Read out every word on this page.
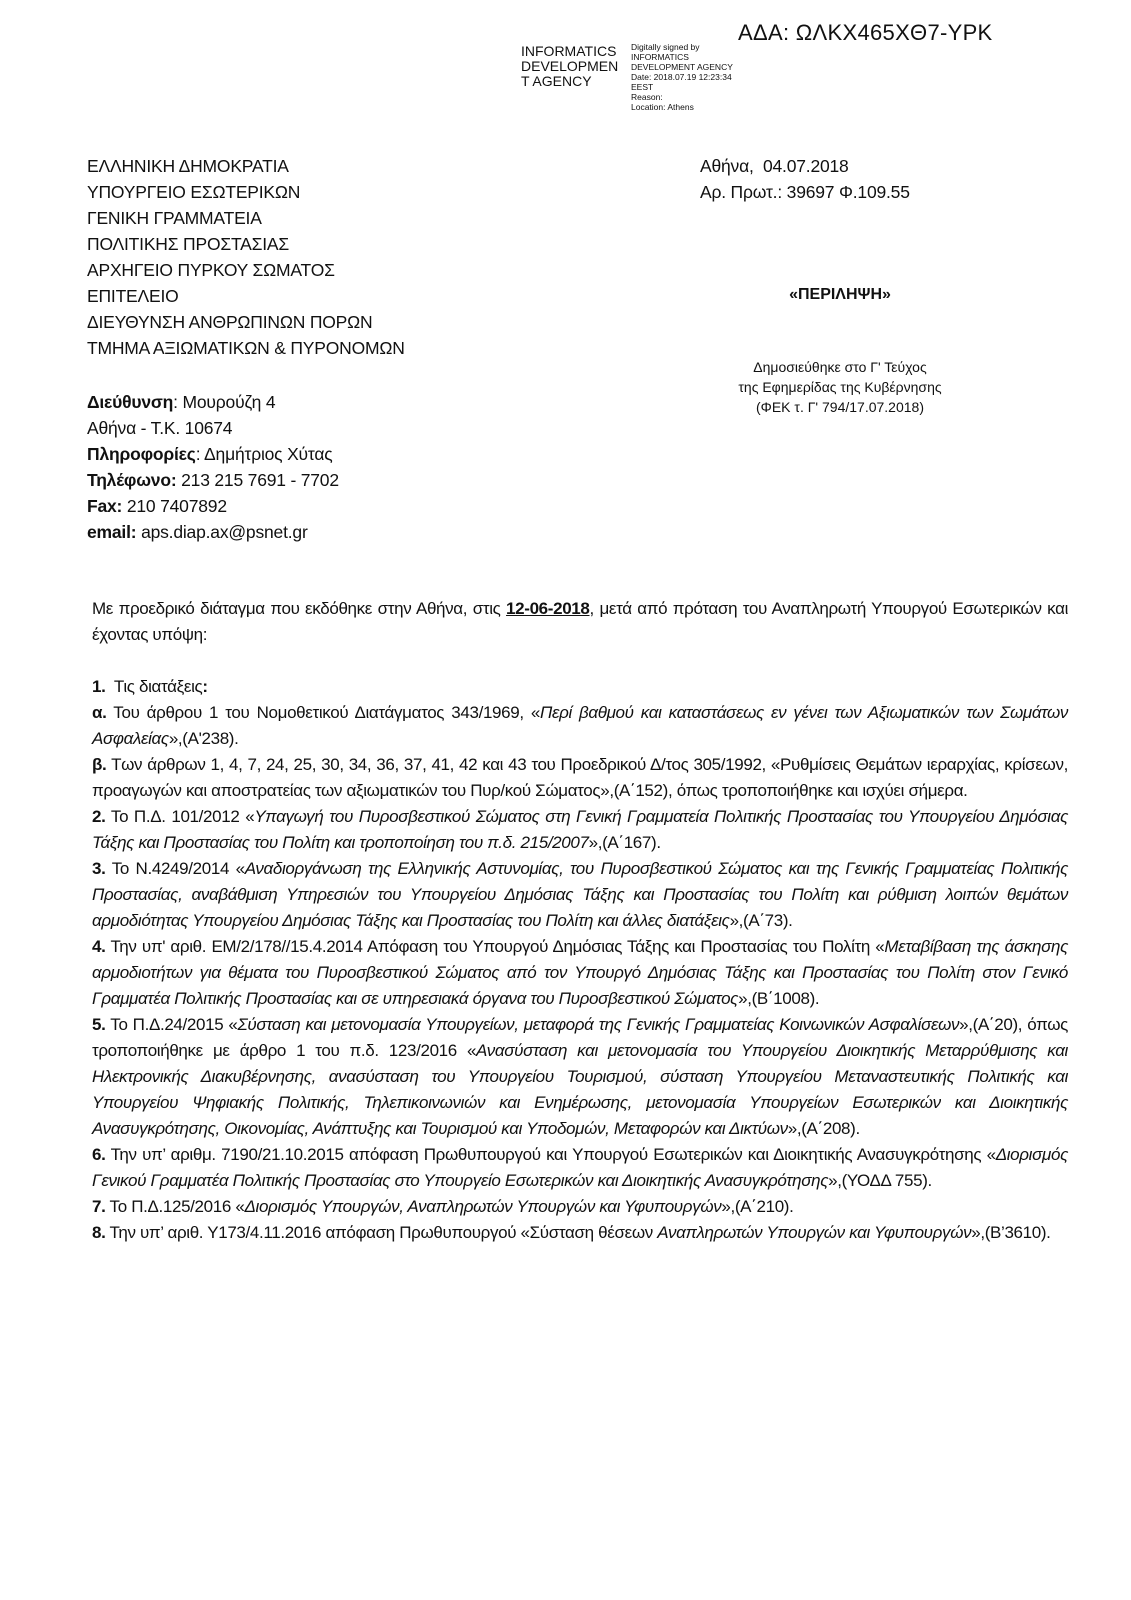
ΑΔΑ: ΩΛΚΧ465ΧΘ7-ΥΡΚ
INFORMATICS
DEVELOPMEN
T AGENCY
Digitally signed by
INFORMATICS
DEVELOPMENT AGENCY
Date: 2018.07.19 12:23:34
EEST
Reason:
Location: Athens
ΕΛΛΗΝΙΚΗ ΔΗΜΟΚΡΑΤΙΑ
ΥΠΟΥΡΓΕΙΟ ΕΣΩΤΕΡΙΚΩΝ
ΓΕΝΙΚΗ ΓΡΑΜΜΑΤΕΙΑ
ΠΟΛΙΤΙΚΗΣ ΠΡΟΣΤΑΣΙΑΣ
ΑΡΧΗΓΕΙΟ ΠΥΡΚΟΥ ΣΩΜΑΤΟΣ
ΕΠΙΤΕΛΕΙΟ
ΔΙΕΥΘΥΝΣΗ ΑΝΘΡΩΠΙΝΩΝ ΠΟΡΩΝ
ΤΜΗΜΑ ΑΞΙΩΜΑΤΙΚΩΝ & ΠΥΡΟΝΟΜΩΝ
Αθήνα,  04.07.2018
Αρ. Πρωτ.: 39697 Φ.109.55
«ΠΕΡΙΛΗΨΗ»
Δημοσιεύθηκε στο Γ' Τεύχος
της Εφημερίδας της Κυβέρνησης
(ΦΕΚ τ. Γ' 794/17.07.2018)
Διεύθυνση: Μουρούζη 4
Αθήνα - Τ.Κ. 10674
Πληροφορίες: Δημήτριος Χύτας
Τηλέφωνο: 213 215 7691 - 7702
Fax: 210 7407892
email: aps.diap.ax@psnet.gr

Με προεδρικό διάταγμα που εκδόθηκε στην Αθήνα, στις 12-06-2018, μετά από πρόταση του Αναπληρωτή Υπουργού Εσωτερικών και έχοντας υπόψη:

1.  Τις διατάξεις:

α. Του άρθρου 1 του Νομοθετικού Διατάγματος 343/1969, «Περί βαθμού και καταστάσεως εν γένει των Αξιωματικών των Σωμάτων Ασφαλείας»,(Α'238).

β. Των άρθρων 1, 4, 7, 24, 25, 30, 34, 36, 37, 41, 42 και 43 του Προεδρικού Δ/τος 305/1992, «Ρυθμίσεις Θεμάτων ιεραρχίας, κρίσεων, προαγωγών και αποστρατείας των αξιωματικών του Πυρ/κού Σώματος»,(Α΄152), όπως τροποποιήθηκε και ισχύει σήμερα.

2. Το Π.Δ. 101/2012 «Υπαγωγή του Πυροσβεστικού Σώματος στη Γενική Γραμματεία Πολιτικής Προστασίας του Υπουργείου Δημόσιας Τάξης και Προστασίας του Πολίτη και τροποποίηση του π.δ. 215/2007»,(Α΄167).

3. Το Ν.4249/2014 «Αναδιοργάνωση της Ελληνικής Αστυνομίας, του Πυροσβεστικού Σώματος και της Γενικής Γραμματείας Πολιτικής Προστασίας, αναβάθμιση Υπηρεσιών του Υπουργείου Δημόσιας Τάξης και Προστασίας του Πολίτη και ρύθμιση λοιπών θεμάτων αρμοδιότητας Υπουργείου Δημόσιας Τάξης και Προστασίας του Πολίτη και άλλες διατάξεις»,(Α΄73).

4. Την υπ' αριθ. ΕΜ/2/178//15.4.2014 Απόφαση του Υπουργού Δημόσιας Τάξης και Προστασίας του Πολίτη «Μεταβίβαση της άσκησης αρμοδιοτήτων για θέματα του Πυροσβεστικού Σώματος από τον Υπουργό Δημόσιας Τάξης και Προστασίας του Πολίτη στον Γενικό Γραμματέα Πολιτικής Προστασίας και σε υπηρεσιακά όργανα του Πυροσβεστικού Σώματος»,(Β΄1008).

5. Το Π.Δ.24/2015 «Σύσταση και μετονομασία Υπουργείων, μεταφορά της Γενικής Γραμματείας Κοινωνικών Ασφαλίσεων»,(Α΄20), όπως τροποποιήθηκε με άρθρο 1 του π.δ. 123/2016 «Ανασύσταση και μετονομασία του Υπουργείου Διοικητικής Μεταρρύθμισης και Ηλεκτρονικής Διακυβέρνησης, ανασύσταση του Υπουργείου Τουρισμού, σύσταση Υπουργείου Μεταναστευτικής Πολιτικής και Υπουργείου Ψηφιακής Πολιτικής, Τηλεπικοινωνιών και Ενημέρωσης, μετονομασία Υπουργείων Εσωτερικών και Διοικητικής Ανασυγκρότησης, Οικονομίας, Ανάπτυξης και Τουρισμού και Υποδομών, Μεταφορών και Δικτύων»,(Α΄208).

6. Την υπ’ αριθμ. 7190/21.10.2015 απόφαση Πρωθυπουργού και Υπουργού Εσωτερικών και Διοικητικής Ανασυγκρότησης «Διορισμός Γενικού Γραμματέα Πολιτικής Προστασίας στο Υπουργείο Εσωτερικών και Διοικητικής Ανασυγκρότησης»,(ΥΟΔΔ 755).

7. Το Π.Δ.125/2016 «Διορισμός Υπουργών, Αναπληρωτών Υπουργών και Υφυπουργών»,(Α΄210).

8. Την υπ’ αριθ. Υ173/4.11.2016 απόφαση Πρωθυπουργού «Σύσταση θέσεων Αναπληρωτών Υπουργών και Υφυπουργών»,(Β’3610).
